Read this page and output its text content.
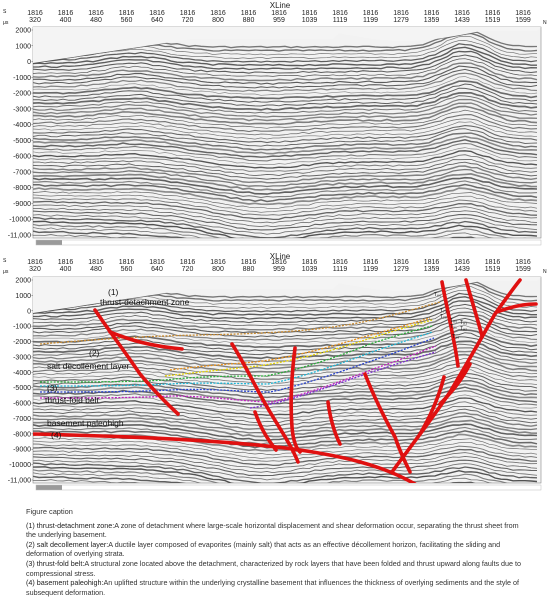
S
μs	N
XLine
1816
320
1816
400
1816
480
1816
560
1816
640
1816
720
1816
800
1816
880
1816
959
1816
1039
1816
1119
1816
1199
1816
1279
1816
1359
1816
1439
1816
1519
1816
1599
2000
1000
0
-1000
-2000
-3000
-4000
-5000
-6000
-7000
-8000
-9000
-10000
-11,000
S
μs	N
XLine
1816
320
1816
400
1816
480
1816
560
1816
640
1816
720
1816
800
1816
880
1816
959
1816
1039
1816
1119
1816
1199
1816
1279
1816
1359
1816
1439
1816
1519
1816
1599
2000
1000
0
-1000
-2000
-3000
-4000
-5000
-6000
-7000
-8000
-9000
-10000
-11,000
(1)
thrust-detachment zone
(2)
salt decollement layer
(3)
thrust-fold belt
basement paleohigh
(4)
T₆₀
T₇₀
T₇₀
T₈₀
T₈₁
T₈₃
T₈₂
T₈₉

Figure caption

(1) thrust-detachment zone:A zone of detachment where large-scale horizontal displacement and shear deformation occur, separating the thrust sheet from the underlying basement.

(2) salt decollement layer:A ductile layer composed of evaporites (mainly salt) that acts as an effective décollement horizon, facilitating the sliding and deformation of overlying strata.

(3) thrust-fold belt:A structural zone located above the detachment, characterized by rock layers that have been folded and thrust upward along faults due to compressional stress.

(4) basement paleohigh:An uplifted structure within the underlying crystalline basement that influences the thickness of overlying sediments and the style of subsequent deformation.
